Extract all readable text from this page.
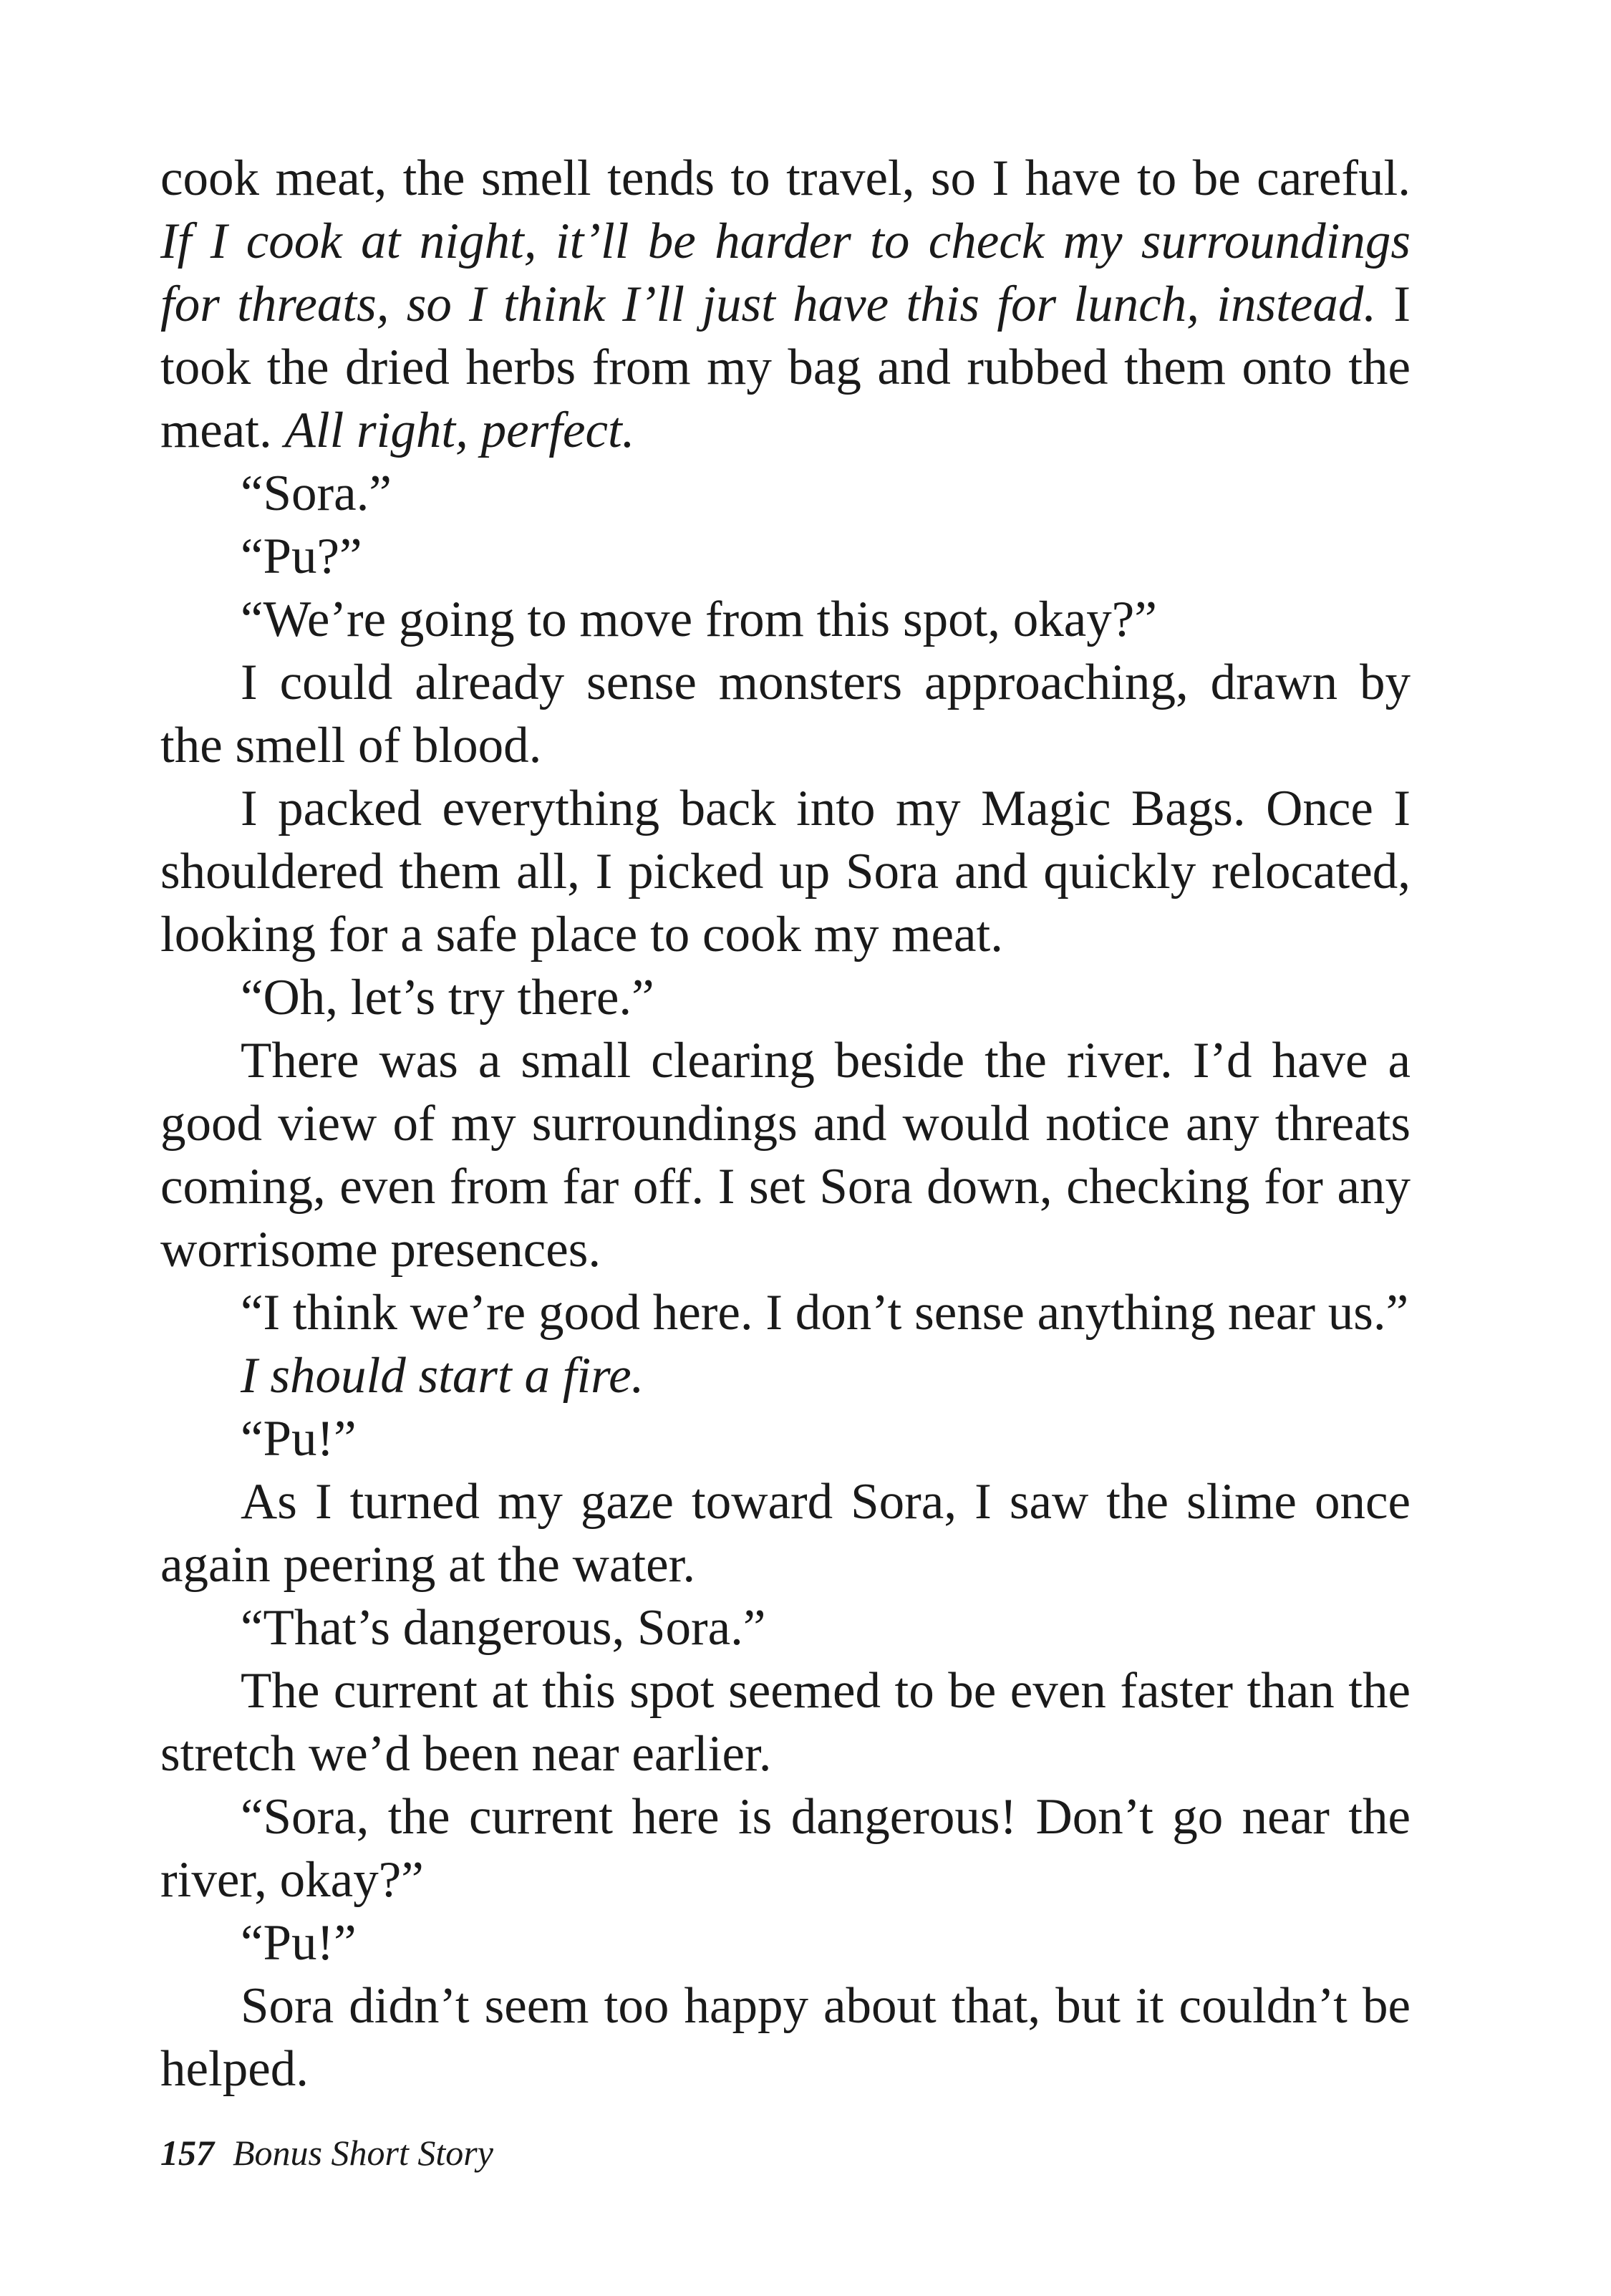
cook meat, the smell tends to travel, so I have to be careful. If I cook at night, it’ll be harder to check my surroundings for threats, so I think I’ll just have this for lunch, instead. I took the dried herbs from my bag and rubbed them onto the meat. All right, perfect.

“Sora.”

“Pu?”

“We’re going to move from this spot, okay?”

I could already sense monsters approaching, drawn by the smell of blood.

I packed everything back into my Magic Bags. Once I shouldered them all, I picked up Sora and quickly relocated, looking for a safe place to cook my meat.

“Oh, let’s try there.”

There was a small clearing beside the river. I’d have a good view of my surroundings and would notice any threats coming, even from far off. I set Sora down, checking for any worrisome presences.

“I think we’re good here. I don’t sense anything near us.”

I should start a fire.

“Pu!”

As I turned my gaze toward Sora, I saw the slime once again peering at the water.

“That’s dangerous, Sora.”

The current at this spot seemed to be even faster than the stretch we’d been near earlier.

“Sora, the current here is dangerous! Don’t go near the river, okay?”

“Pu!”

Sora didn’t seem too happy about that, but it couldn’t be helped.

157 Bonus Short Story
